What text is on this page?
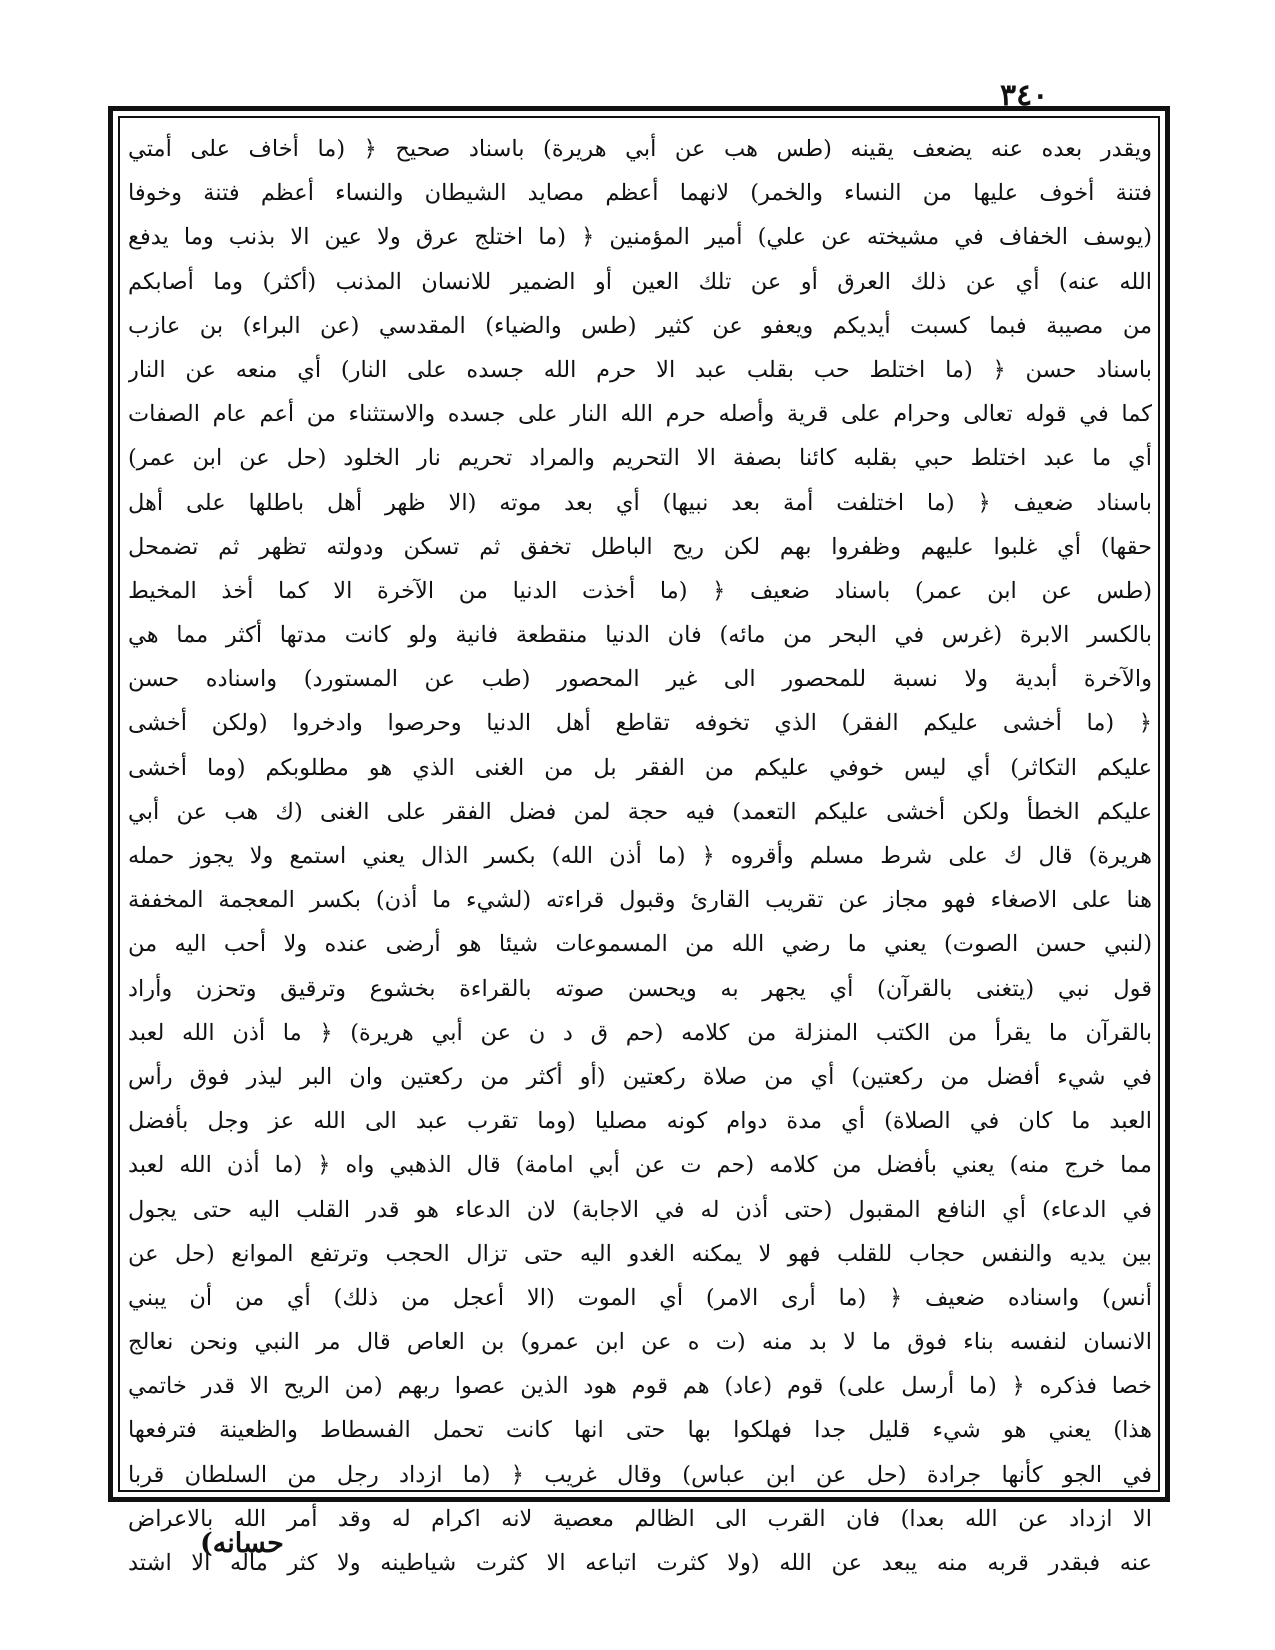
٣٤٠
ويقدر بعده عنه يضعف يقينه (طس هب عن أبي هريرة) باسناد صحيح ﴿ (ما أخاف على أمتي
فتنة أخوف عليها من النساء والخمر) لانهما أعظم مصايد الشيطان والنساء أعظم فتنة وخوفا
(يوسف الخفاف في مشيخته عن علي) أمير المؤمنين ﴿ (ما اختلج عرق ولا عين الا بذنب وما يدفع
الله عنه) أي عن ذلك العرق أو عن تلك العين أو الضمير للانسان المذنب (أكثر) وما أصابكم
من مصيبة فبما كسبت أيديكم ويعفو عن كثير (طس والضياء) المقدسي (عن البراء) بن عازب
باسناد حسن ﴿ (ما اختلط حب بقلب عبد الا حرم الله جسده على النار) أي منعه عن النار
كما في قوله تعالى وحرام على قرية وأصله حرم الله النار على جسده والاستثناء من أعم عام الصفات
أي ما عبد اختلط حبي بقلبه كائنا بصفة الا التحريم والمراد تحريم نار الخلود (حل عن ابن عمر)
باسناد ضعيف ﴿ (ما اختلفت أمة بعد نبيها) أي بعد موته (الا ظهر أهل باطلها على أهل
حقها) أي غلبوا عليهم وظفروا بهم لكن ريح الباطل تخفق ثم تسكن ودولته تظهر ثم تضمحل
(طس عن ابن عمر) باسناد ضعيف ﴿ (ما أخذت الدنيا من الآخرة الا كما أخذ المخيط
بالكسر الابرة (غرس في البحر من مائه) فان الدنيا منقطعة فانية ولو كانت مدتها أكثر مما هي
والآخرة أبدية ولا نسبة للمحصور الى غير المحصور (طب عن المستورد) واسناده حسن
﴿ (ما أخشى عليكم الفقر) الذي تخوفه تقاطع أهل الدنيا وحرصوا وادخروا (ولكن أخشى
عليكم التكاثر) أي ليس خوفي عليكم من الفقر بل من الغنى الذي هو مطلوبكم (وما أخشى
عليكم الخطأ ولكن أخشى عليكم التعمد) فيه حجة لمن فضل الفقر على الغنى (ك هب عن أبي
هريرة) قال ك على شرط مسلم وأقروه ﴿ (ما أذن الله) بكسر الذال يعني استمع ولا يجوز حمله
هنا على الاصغاء فهو مجاز عن تقريب القارئ وقبول قراءته (لشيء ما أذن) بكسر المعجمة المخففة
(لنبي حسن الصوت) يعني ما رضي الله من المسموعات شيئا هو أرضى عنده ولا أحب اليه من
قول نبي (يتغنى بالقرآن) أي يجهر به ويحسن صوته بالقراءة بخشوع وترقيق وتحزن وأراد
بالقرآن ما يقرأ من الكتب المنزلة من كلامه (حم ق د ن عن أبي هريرة) ﴿ ما أذن الله لعبد
في شيء أفضل من ركعتين) أي من صلاة ركعتين (أو أكثر من ركعتين وان البر ليذر فوق رأس
العبد ما كان في الصلاة) أي مدة دوام كونه مصليا (وما تقرب عبد الى الله عز وجل بأفضل
مما خرج منه) يعني بأفضل من كلامه (حم ت عن أبي امامة) قال الذهبي واه ﴿ (ما أذن الله لعبد
في الدعاء) أي النافع المقبول (حتى أذن له في الاجابة) لان الدعاء هو قدر القلب اليه حتى يجول
بين يديه والنفس حجاب للقلب فهو لا يمكنه الغدو اليه حتى تزال الحجب وترتفع الموانع (حل عن
أنس) واسناده ضعيف ﴿ (ما أرى الامر) أي الموت (الا أعجل من ذلك) أي من أن يبني
الانسان لنفسه بناء فوق ما لا بد منه (ت ه عن ابن عمرو) بن العاص قال مر النبي ونحن نعالج
خصا فذكره ﴿ (ما أرسل على) قوم (عاد) هم قوم هود الذين عصوا ربهم (من الريح الا قدر خاتمي
هذا) يعني هو شيء قليل جدا فهلكوا بها حتى انها كانت تحمل الفسطاط والظعينة فترفعها
في الجو كأنها جرادة (حل عن ابن عباس) وقال غريب ﴿ (ما ازداد رجل من السلطان قربا
الا ازداد عن الله بعدا) فان القرب الى الظالم معصية لانه اكرام له وقد أمر الله بالاعراض
عنه فبقدر قربه منه يبعد عن الله (ولا كثرت اتباعه الا كثرت شياطينه ولا كثر ماله الا اشتد
حسانه)
